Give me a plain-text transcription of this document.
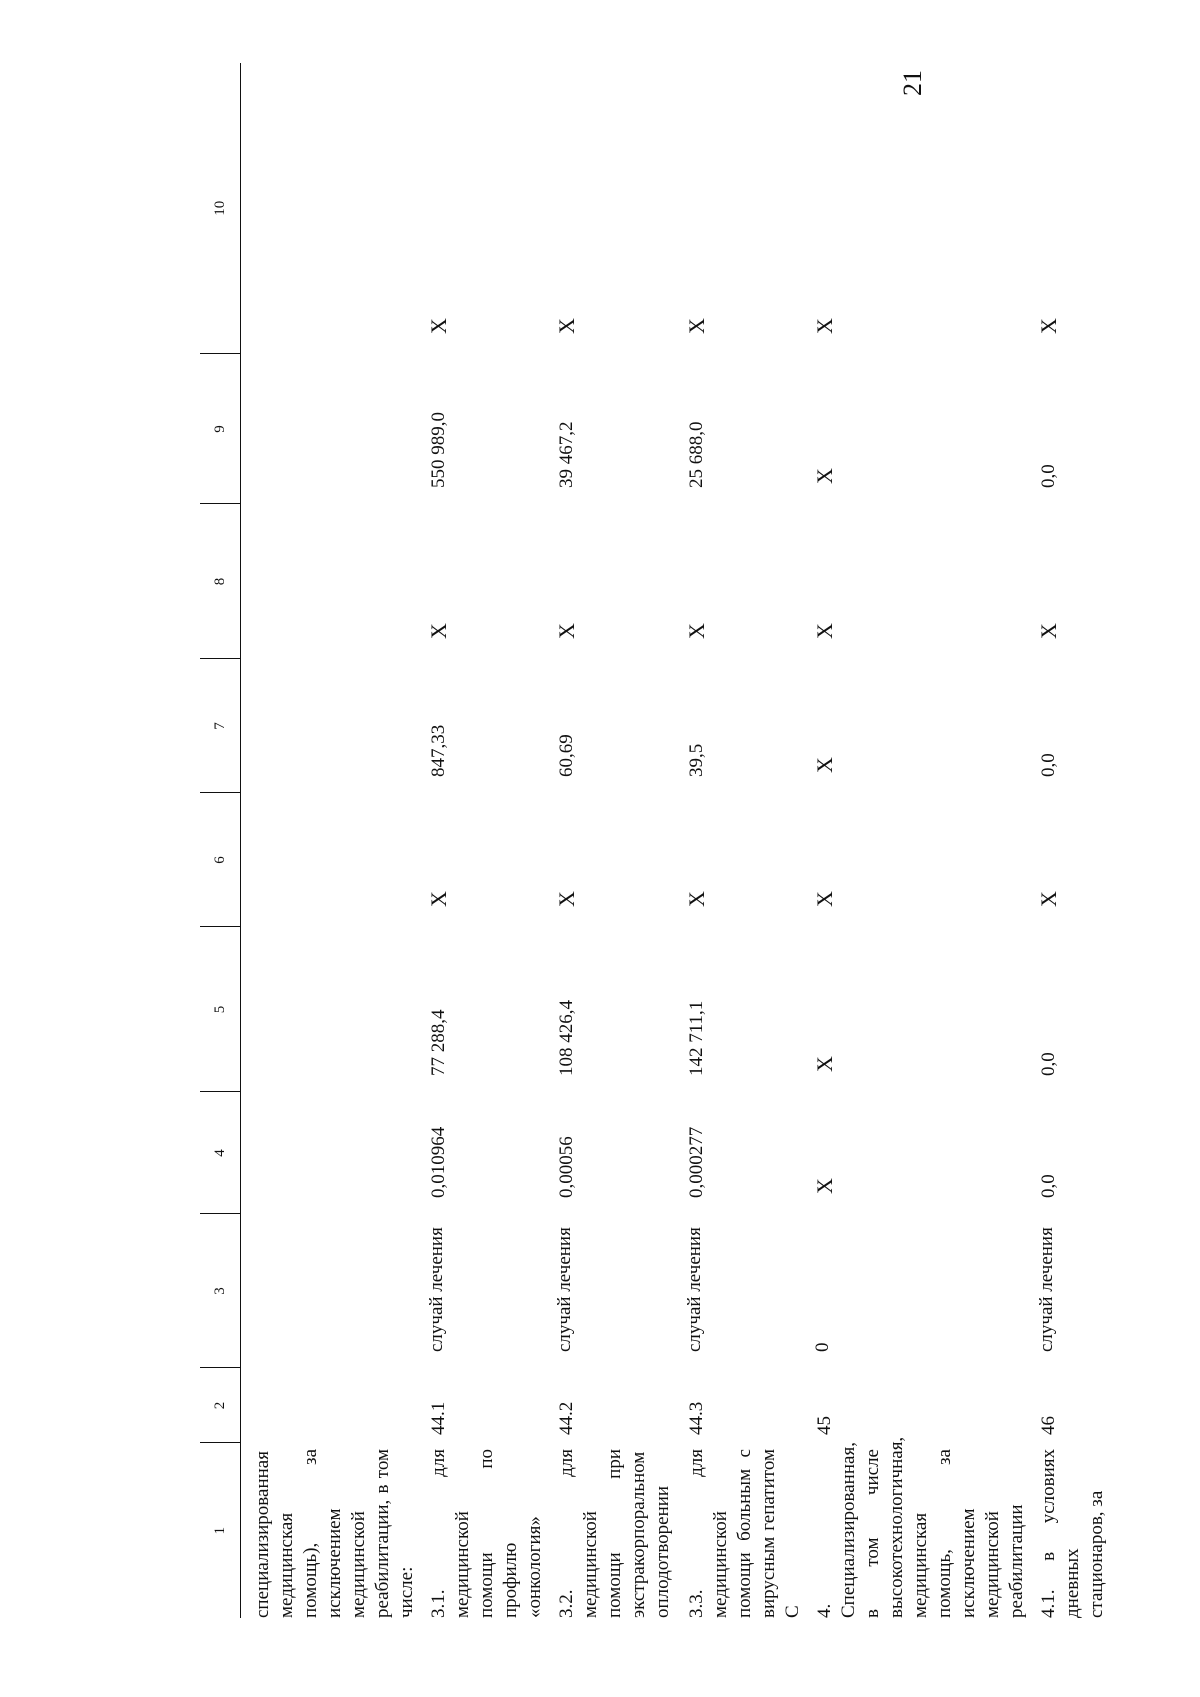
21
1	2	3	4	5	6	7	8	9	10
специализированная медицинская помощь), за исключением медицинской реабилитации, в том числе:									
3.1. для медицинской помощи по профилю «онкология»	44.1	случай лечения	0,010964	77 288,4	X	847,33	X	550 989,0	X
3.2. для медицинской помощи при экстракорпоральном оплодотворении	44.2	случай лечения	0,00056	108 426,4	X	60,69	X	39 467,2	X
3.3. для медицинской помощи больным с вирусным гепатитом С	44.3	случай лечения	0,000277	142 711,1	X	39,5	X	25 688,0	X
4. Специализированная, в том числе высокотехнологичная, медицинская помощь, за исключением медицинской реабилитации	45	0	X	X	X	X	X	X	X
4.1. в условиях дневных стационаров, за	46	случай лечения	0,0	0,0	X	0,0	X	0,0	X
